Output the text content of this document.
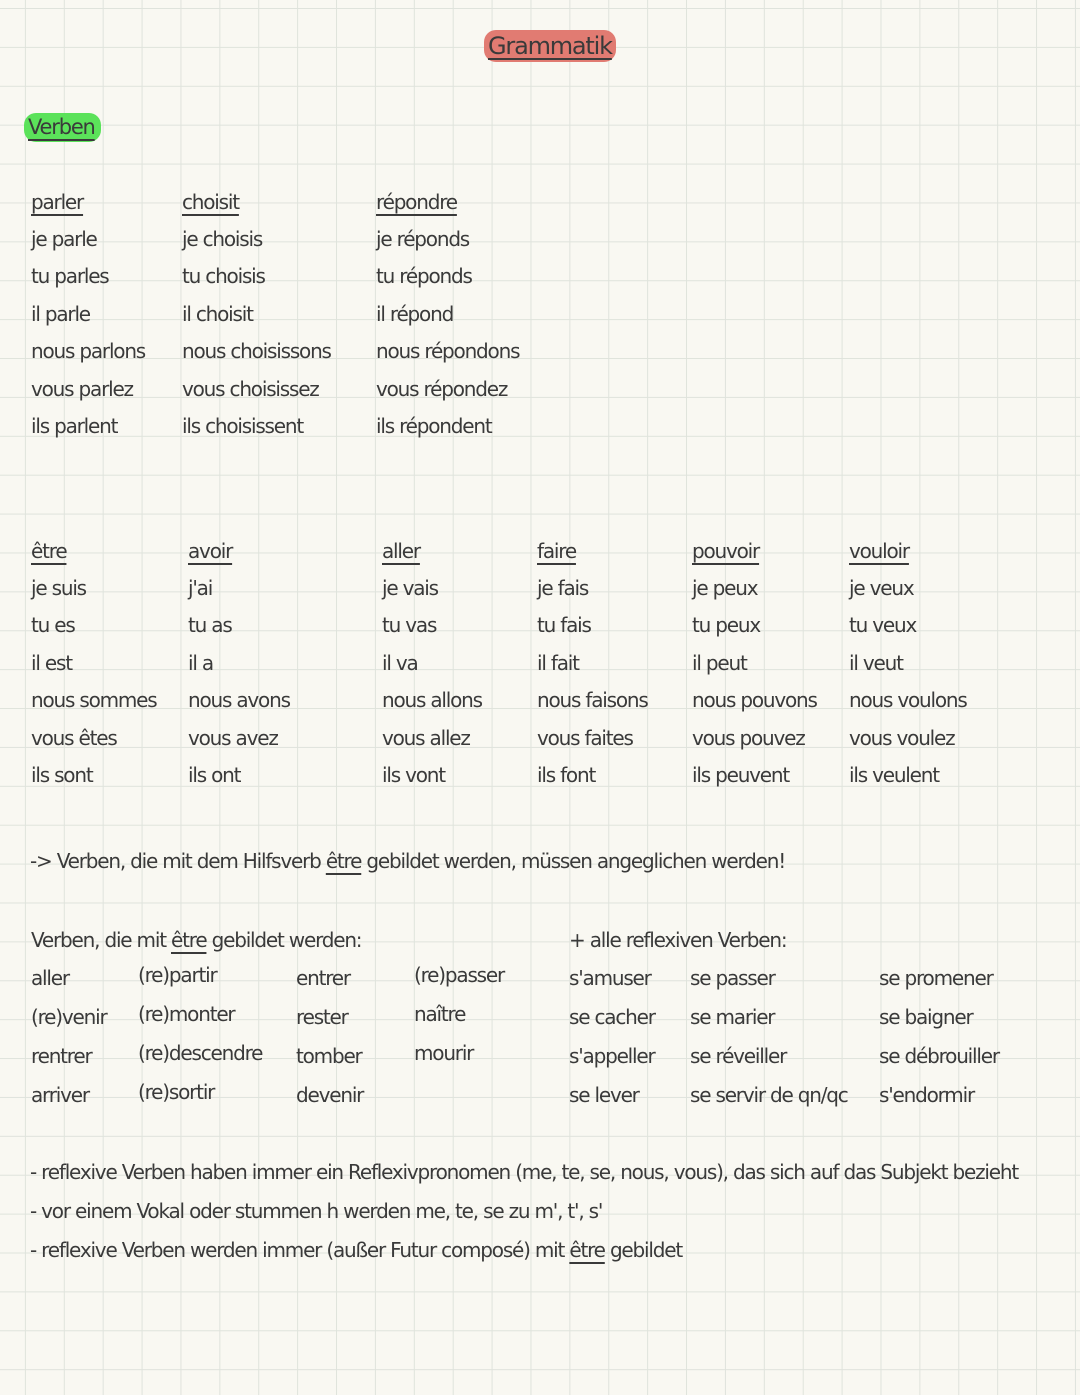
Grammatik
Verben
parler
je parle
tu parles
il parle
nous parlons
vous parlez
ils parlent
choisit
je choisis
tu choisis
il choisit
nous choisissons
vous choisissez
ils choisissent
répondre
je réponds
tu réponds
il répond
nous répondons
vous répondez
ils répondent
être
je suis
tu es
il est
nous sommes
vous êtes
ils sont
avoir
j'ai
tu as
il a
nous avons
vous avez
ils ont
aller
je vais
tu vas
il va
nous allons
vous allez
ils vont
faire
je fais
tu fais
il fait
nous faisons
vous faites
ils font
pouvoir
je peux
tu peux
il peut
nous pouvons
vous pouvez
ils peuvent
vouloir
je veux
tu veux
il veut
nous voulons
vous voulez
ils veulent
-> Verben, die mit dem Hilfsverb être gebildet werden, müssen angeglichen werden!
Verben, die mit être gebildet werden:
aller
(re)venir
rentrer
arriver
(re)partir
(re)monter
(re)descendre
(re)sortir
entrer
rester
tomber
devenir
(re)passer
naître
mourir
+ alle reflexiven Verben:
s'amuser
se cacher
s'appeller
se lever
se passer
se marier
se réveiller
se servir de qn/qc
se promener
se baigner
se débrouiller
s'endormir
- reflexive Verben haben immer ein Reflexivpronomen (me, te, se, nous, vous), das sich auf das Subjekt bezieht
- vor einem Vokal oder stummen h werden me, te, se zu m', t', s'
- reflexive Verben werden immer (außer Futur composé) mit être gebildet
